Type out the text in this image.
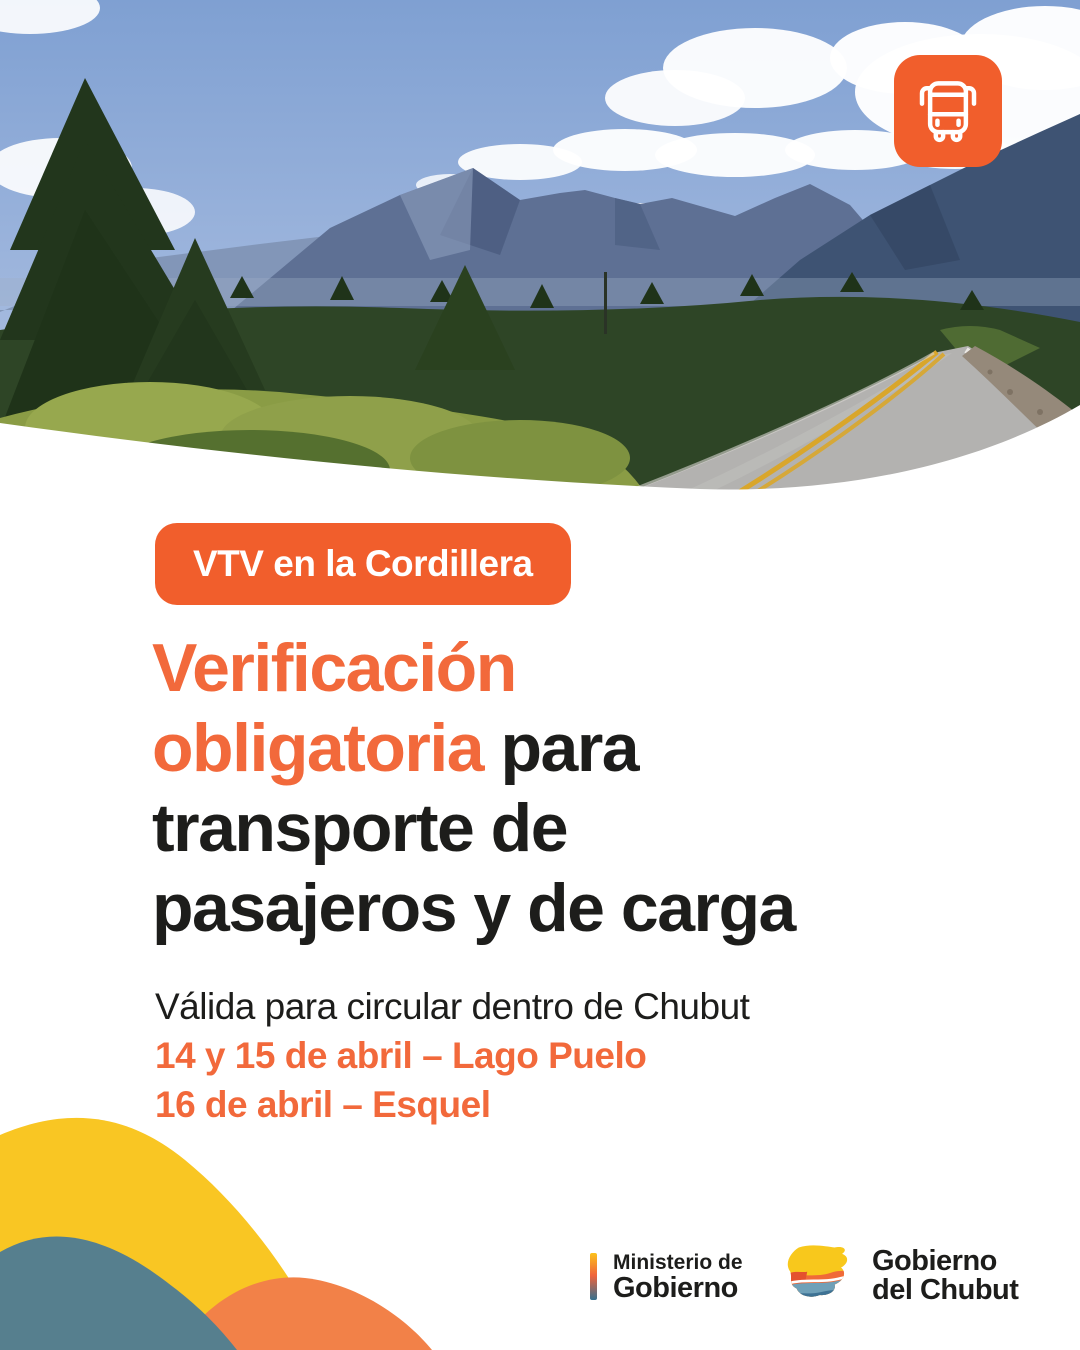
VTV en la Cordillera
Verificación
obligatoria para
transporte de
pasajeros y de carga

Válida para circular dentro de Chubut

14 y 15 de abril – Lago Puelo

16 de abril – Esquel

Ministerio de
Gobierno
Gobierno
del Chubut
